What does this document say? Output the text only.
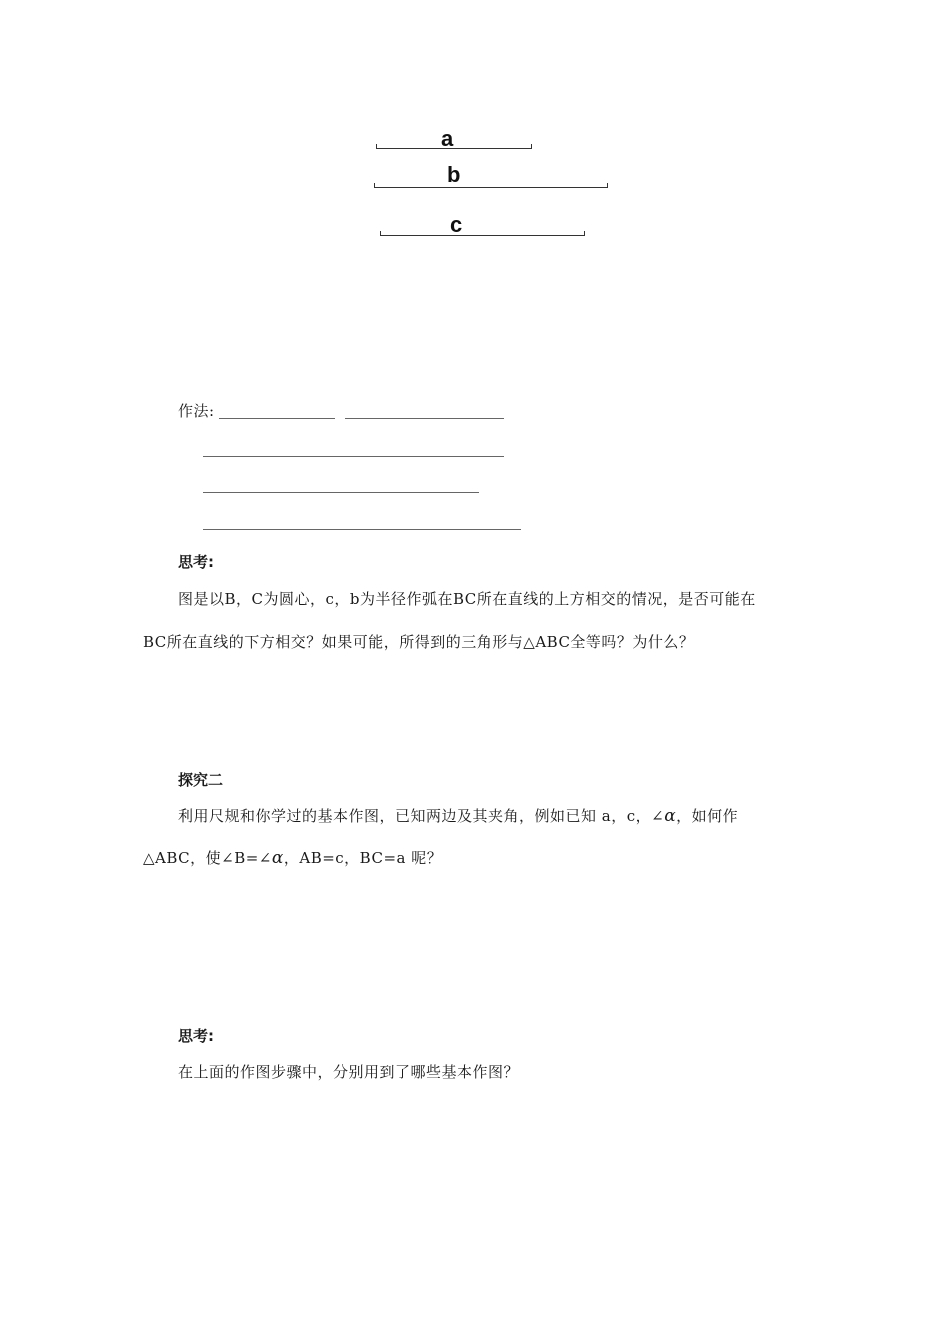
a
b
c
作法:
思考:
图是以B，C为圆心，c，b为半径作弧在BC所在直线的上方相交的情况，是否可能在
BC所在直线的下方相交？如果可能，所得到的三角形与△ABC全等吗？为什么？
探究二
利用尺规和你学过的基本作图，已知两边及其夹角，例如已知 a，c，∠α，如何作
△ABC，使∠B=∠α，AB=c，BC=a 呢？
思考:
在上面的作图步骤中，分别用到了哪些基本作图？
